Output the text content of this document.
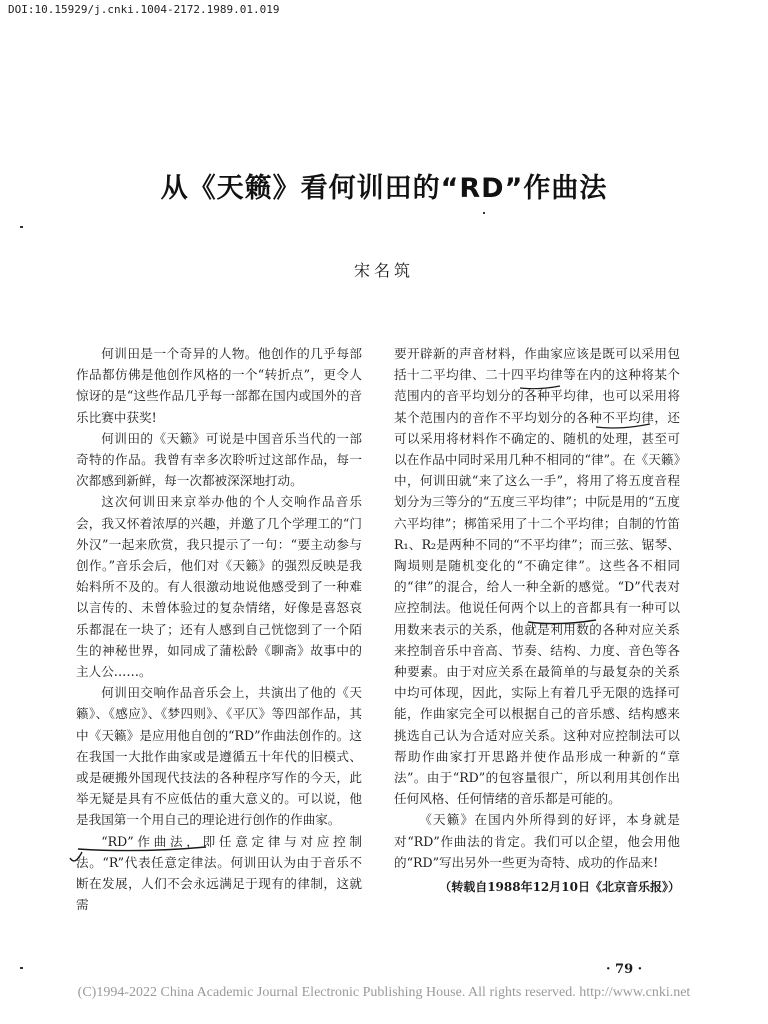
DOI:10.15929/j.cnki.1004-2172.1989.01.019
从《天籁》看何训田的“RD”作曲法
宋名筑

何训田是一个奇异的人物。他创作的几乎每部作品都仿佛是他创作风格的一个“转折点”，更令人惊讶的是“这些作品几乎每一部都在国内或国外的音乐比赛中获奖!

何训田的《天籁》可说是中国音乐当代的一部奇特的作品。我曾有幸多次聆听过这部作品，每一次都感到新鲜，每一次都被深深地打动。

这次何训田来京举办他的个人交响作品音乐会，我又怀着浓厚的兴趣，并邀了几个学理工的“门外汉”一起来欣赏，我只提示了一句：“要主动参与创作。”音乐会后，他们对《天籁》的强烈反映是我始料所不及的。有人很激动地说他感受到了一种难以言传的、未曾体验过的复杂情绪，好像是喜怒哀乐都混在一块了；还有人感到自己恍惚到了一个陌生的神秘世界，如同成了蒲松龄《聊斋》故事中的主人公……。

何训田交响作品音乐会上，共演出了他的《天籁》、《感应》、《梦四则》、《平仄》等四部作品，其中《天籁》是应用他自创的“RD”作曲法创作的。这在我国一大批作曲家或是遵循五十年代的旧模式、或是硬搬外国现代技法的各种程序写作的今天，此举无疑是具有不应低估的重大意义的。可以说，他是我国第一个用自己的理论进行创作的作曲家。

“RD”作曲法，即任意定律与对应控制法。“R”代表任意定律法。何训田认为由于音乐不断在发展，人们不会永远满足于现有的律制，这就需

要开辟新的声音材料，作曲家应该是既可以采用包括十二平均律、二十四平均律等在内的这种将某个范围内的音平均划分的各种平均律，也可以采用将某个范围内的音作不平均划分的各种不平均律，还可以采用将材料作不确定的、随机的处理，甚至可以在作品中同时采用几种不相同的“律”。在《天籁》中，何训田就“来了这么一手”，将用了将五度音程划分为三等分的“五度三平均律”；中阮是用的“五度六平均律”；梆笛采用了十二个平均律；自制的竹笛R₁、R₂是两种不同的“不平均律”；而三弦、锯琴、陶埙则是随机变化的“不确定律”。这些各不相同的“律”的混合，给人一种全新的感觉。“D”代表对应控制法。他说任何两个以上的音都具有一种可以用数来表示的关系，他就是利用数的各种对应关系来控制音乐中音高、节奏、结构、力度、音色等各种要素。由于对应关系在最简单的与最复杂的关系中均可体现，因此，实际上有着几乎无限的选择可能，作曲家完全可以根据自己的音乐感、结构感来挑选自己认为合适对应关系。这种对应控制法可以帮助作曲家打开思路并使作品形成一种新的“章法”。由于“RD”的包容量很广，所以利用其创作出任何风格、任何情绪的音乐都是可能的。

《天籁》在国内外所得到的好评，本身就是对“RD”作曲法的肯定。我们可以企望，他会用他的“RD”写出另外一些更为奇特、成功的作品来!

（转载自1988年12月10日《北京音乐报》）

· 79 ·
(C)1994-2022 China Academic Journal Electronic Publishing House. All rights reserved. http://www.cnki.net
